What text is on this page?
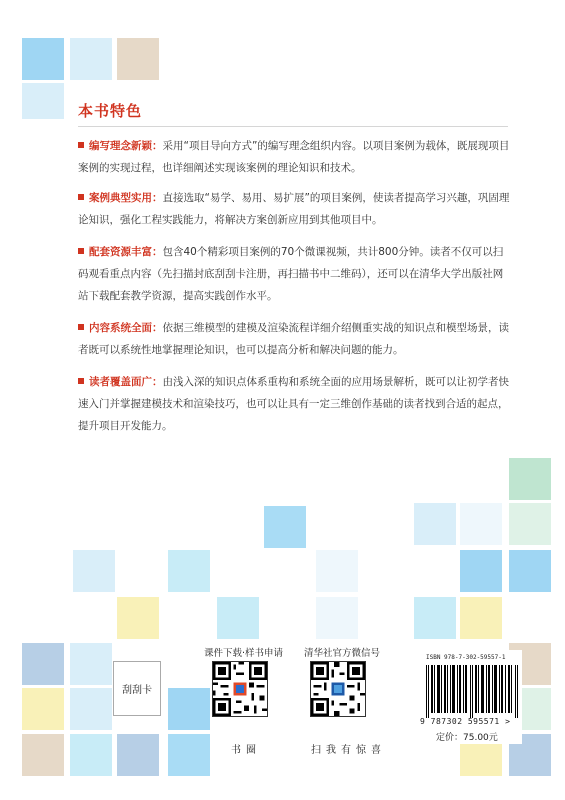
本书特色
编写理念新颖：采用“项目导向方式”的编写理念组织内容。以项目案例为载体，既展现项目案例的实现过程，也详细阐述实现该案例的理论知识和技术。
案例典型实用：直接选取“易学、易用、易扩展”的项目案例，使读者提高学习兴趣，巩固理论知识，强化工程实践能力，将解决方案创新应用到其他项目中。
配套资源丰富：包含40个精彩项目案例的70个微课视频，共计800分钟。读者不仅可以扫码观看重点内容（先扫描封底刮刮卡注册，再扫描书中二维码），还可以在清华大学出版社网站下载配套教学资源，提高实践创作水平。
内容系统全面：依据三维模型的建模及渲染流程详细介绍侧重实战的知识点和模型场景，读者既可以系统性地掌握理论知识，也可以提高分析和解决问题的能力。
读者覆盖面广：由浅入深的知识点体系重构和系统全面的应用场景解析，既可以让初学者快速入门并掌握建模技术和渲染技巧，也可以让具有一定三维创作基础的读者找到合适的起点，提升项目开发能力。
刮刮卡
课件下载·样书申请
书圈
清华社官方微信号
扫我有惊喜
ISBN 978-7-302-59557-1
9 787302 595571 >
定价：75.00元
